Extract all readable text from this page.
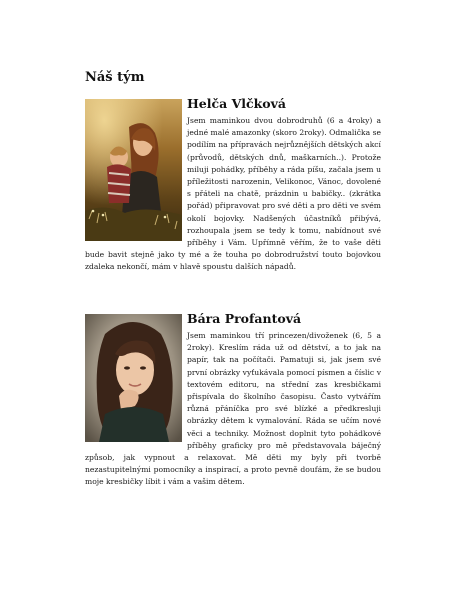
Náš tým
Helča Vlčková

Jsem maminkou dvou dobrodruhů (6 a 4roky) a jedné malé amazonky (skoro 2roky). Odmalička se podílím na přípravách nejrůznějších dětských akcí (průvodů, dětských dnů, maškarních..). Protože miluji pohádky, příběhy a ráda píšu, začala jsem u příležitosti narozenin, Velikonoc, Vánoc, dovolené s přáteli na chatě, prázdnin u babičky.. (zkrátka pořád) připravovat pro své děti a pro děti ve svém okolí bojovky. Nadšených účastníků přibývá, rozhoupala jsem se tedy k tomu, nabídnout své příběhy i Vám. Upřímně věřím, že to vaše děti bude bavit stejně jako ty mé a že touha po dobrodružství touto bojovkou zdaleka nekončí, mám v hlavě spoustu dalších nápadů.

Bára Profantová

Jsem maminkou tří princezen/divoženek (6, 5 a 2roky). Kreslím ráda už od dětství, a to jak na papír, tak na počítači. Pamatuji si, jak jsem své první obrázky vyťukávala pomocí písmen a číslic v textovém editoru, na střední zas kresbičkami přispívala do školního časopisu. Často vytvářím různá přáníčka pro své blízké a předkresluji obrázky dětem k vymalování. Ráda se učím nové věci a techniky. Možnost doplnit tyto pohádkové příběhy graficky pro mě představovala báječný způsob, jak vypnout a relaxovat. Mě děti my byly při tvorbě nezastupitelnými pomocníky a inspirací, a proto pevně doufám, že se budou moje kresbičky líbit i vám a vašim dětem.
